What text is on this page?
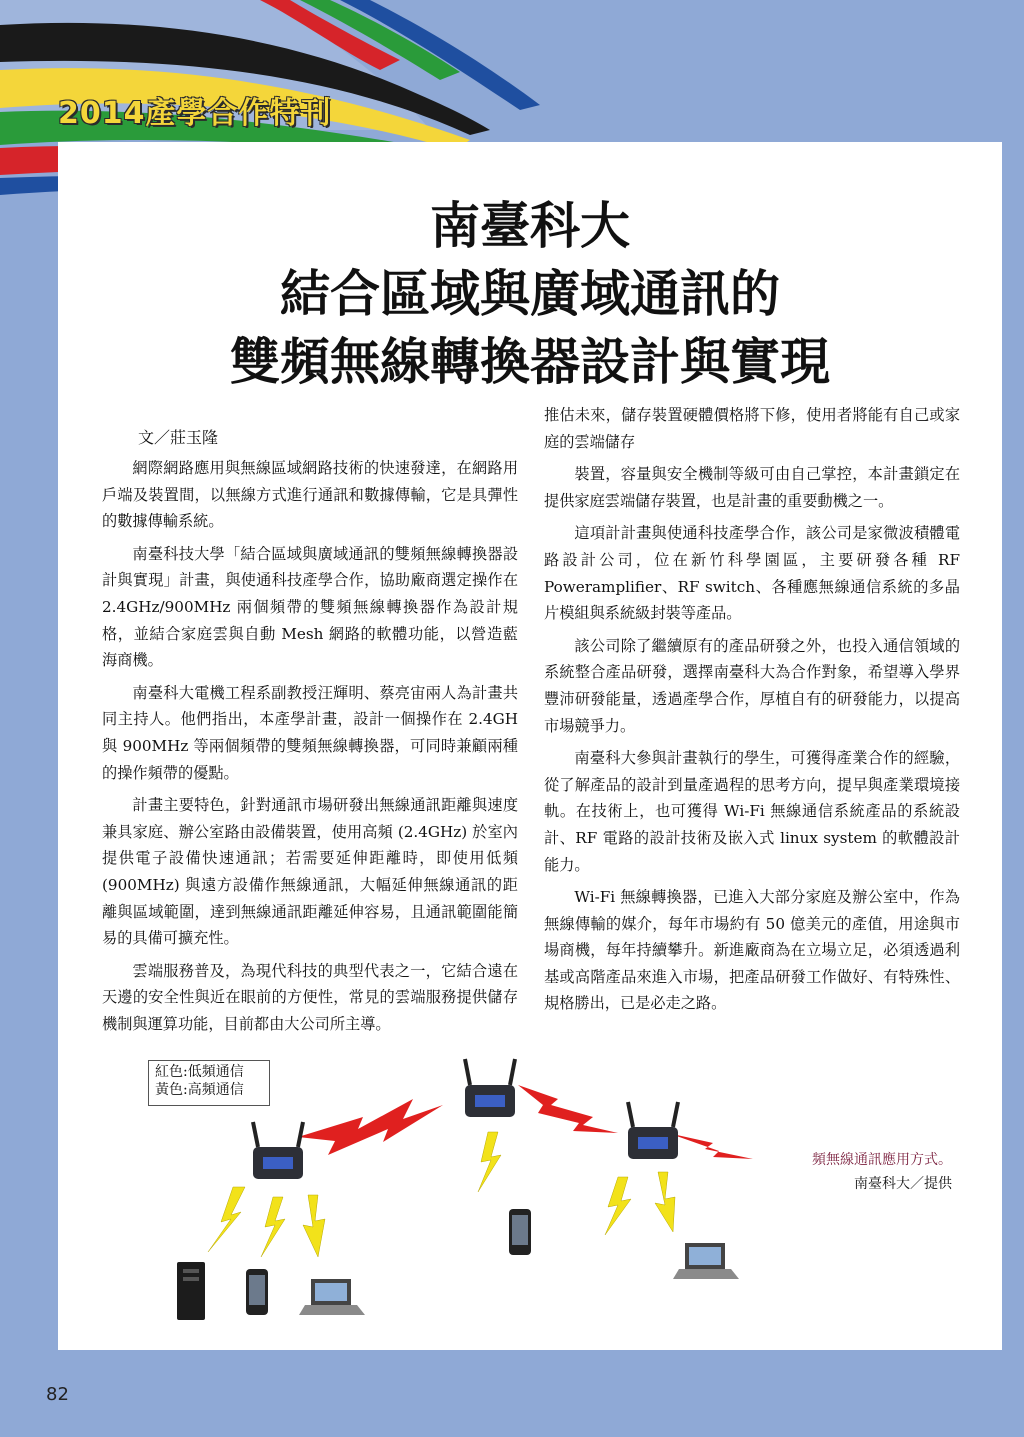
2014產學合作特刊
南臺科大
結合區域與廣域通訊的
雙頻無線轉換器設計與實現
文／莊玉隆

網際網路應用與無線區域網路技術的快速發達，在網路用戶端及裝置間，以無線方式進行通訊和數據傳輸，它是具彈性的數據傳輸系統。

南臺科技大學「結合區域與廣域通訊的雙頻無線轉換器設計與實現」計畫，與使通科技產學合作，協助廠商選定操作在 2.4GHz/900MHz 兩個頻帶的雙頻無線轉換器作為設計規格，並結合家庭雲與自動 Mesh 網路的軟體功能，以營造藍海商機。

南臺科大電機工程系副教授汪輝明、蔡亮宙兩人為計畫共同主持人。他們指出，本產學計畫，設計一個操作在 2.4GH 與 900MHz 等兩個頻帶的雙頻無線轉換器，可同時兼顧兩種的操作頻帶的優點。

計畫主要特色，針對通訊市場研發出無線通訊距離與速度兼具家庭、辦公室路由設備裝置，使用高頻 (2.4GHz) 於室內提供電子設備快速通訊；若需要延伸距離時，即使用低頻 (900MHz) 與遠方設備作無線通訊，大幅延伸無線通訊的距離與區域範圍，達到無線通訊距離延伸容易，且通訊範圍能簡易的具備可擴充性。

雲端服務普及，為現代科技的典型代表之一，它結合遠在天邊的安全性與近在眼前的方便性，常見的雲端服務提供儲存機制與運算功能，目前都由大公司所主導。

推估未來，儲存裝置硬體價格將下修，使用者將能有自己或家庭的雲端儲存

裝置，容量與安全機制等級可由自己掌控，本計畫鎖定在提供家庭雲端儲存裝置，也是計畫的重要動機之一。

這項計計畫與使通科技產學合作，該公司是家微波積體電路設計公司，位在新竹科學園區，主要研發各種 RF Poweramplifier、RF switch、各種應無線通信系統的多晶片模組與系統級封裝等產品。

該公司除了繼續原有的產品研發之外，也投入通信領域的系統整合產品研發，選擇南臺科大為合作對象，希望導入學界豐沛研發能量，透過產學合作，厚植自有的研發能力，以提高市場競爭力。

南臺科大參與計畫執行的學生，可獲得產業合作的經驗，從了解產品的設計到量產過程的思考方向，提早與產業環境接軌。在技術上，也可獲得 Wi-Fi 無線通信系統產品的系統設計、RF 電路的設計技術及嵌入式 linux system 的軟體設計能力。

Wi-Fi 無線轉換器，已進入大部分家庭及辦公室中，作為無線傳輸的媒介，每年市場約有 50 億美元的產值，用途與市場商機，每年持續攀升。新進廠商為在立場立足，必須透過利基或高階產品來進入市場，把產品研發工作做好、有特殊性、規格勝出，已是必走之路。

紅色:低頻通信
黃色:高頻通信
頻無線通訊應用方式。
南臺科大／提供
82
